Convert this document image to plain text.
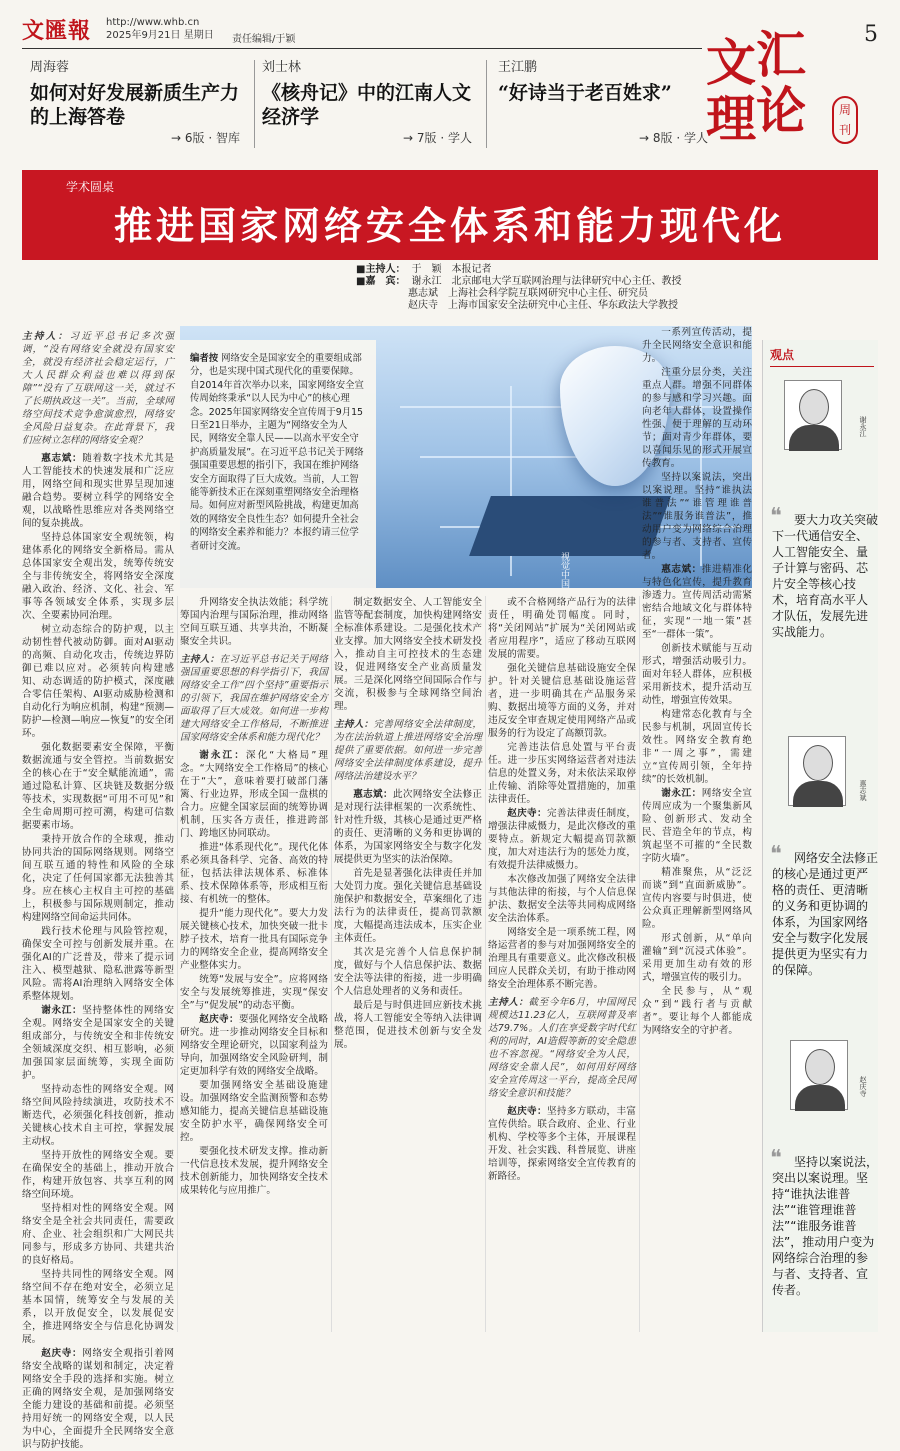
文匯報 http://www.whb.cn
2025年9月21日 星期日 责任编辑/于颖	文 汇
理 论	周刊
5
周海蓉
如何对好发展新质生产力的上海答卷
→ 6版 · 智库
刘士林
《核舟记》中的江南人文经济学
→ 7版 · 学人
王江鹏
“好诗当于老百姓求”
→ 8版 · 学人
学术圆桌
推进国家网络安全体系和能力现代化
■主持人： 于　颖　本报记者
■嘉　宾： 谢永江　北京邮电大学互联网治理与法律研究中心主任、教授
惠志斌　上海社会科学院互联网研究中心主任、研究员
赵庆寺　上海市国家安全法研究中心主任、华东政法大学教授
视觉中国
编者按 网络安全是国家安全的重要组成部分，也是实现中国式现代化的重要保障。自2014年首次举办以来，国家网络安全宣传周始终秉承“以人民为中心”的核心理念。2025年国家网络安全宣传周于9月15日至21日举办，主题为“网络安全为人民，网络安全靠人民——以高水平安全守护高质量发展”。在习近平总书记关于网络强国重要思想的指引下，我国在维护网络安全方面取得了巨大成效。当前，人工智能等新技术正在深刻重塑网络安全治理格局。如何应对新型风险挑战，构建更加高效的网络安全良性生态？如何提升全社会的网络安全素养和能力？本报约请三位学者研讨交流。

主持人：习近平总书记多次强调，“没有网络安全就没有国家安全，就没有经济社会稳定运行，广大人民群众利益也难以得到保障”“没有了互联网这一关，就过不了长期执政这一关”。当前，全球网络空间技术竞争愈演愈烈，网络安全风险日益复杂。在此背景下，我们应树立怎样的网络安全观？

惠志斌：随着数字技术尤其是人工智能技术的快速发展和广泛应用，网络空间和现实世界呈现加速融合趋势。要树立科学的网络安全观，以战略性思维应对各类网络空间的复杂挑战。

坚持总体国家安全观统领，构建体系化的网络安全新格局。需从总体国家安全观出发，统筹传统安全与非传统安全，将网络安全深度融入政治、经济、文化、社会、军事等各领域安全体系，实现多层次、全要素协同治理。

树立动态综合的防护观，以主动韧性替代被动防御。面对AI驱动的高频、自动化攻击，传统边界防御已难以应对。必须转向构建感知、动态调适的防护模式，深度融合零信任架构、AI驱动威胁检测和自动化行为响应机制，构建“预测—防护—检测—响应—恢复”的安全闭环。

强化数据要素安全保障，平衡数据流通与安全管控。当前数据安全的核心在于“安全赋能流通”，需通过隐私计算、区块链及数据分级等技术，实现数据“可用不可见”和全生命周期可控可溯，构建可信数据要素市场。

秉持开放合作的全球观，推动协同共治的国际网络规则。网络空间互联互通的特性和风险的全球化，决定了任何国家都无法独善其身。应在核心主权自主可控的基础上，积极参与国际规则制定，推动构建网络空间命运共同体。

践行技术伦理与风险管控观，确保安全可控与创新发展并重。在强化AI的广泛普及，带来了提示词注入、模型越狱、隐私泄露等新型风险。需将AI治理纳入网络安全体系整体规划。

谢永江：坚持整体性的网络安全观。网络安全是国家安全的关键组成部分，与传统安全和非传统安全领域深度交织、相互影响，必须加强国家层面统筹，实现全面防护。

坚持动态性的网络安全观。网络空间风险持续演进，攻防技术不断迭代，必须强化科技创新，推动关键核心技术自主可控，掌握发展主动权。

坚持开放性的网络安全观。要在确保安全的基础上，推动开放合作，构建开放包容、共享互利的网络空间环境。

坚持相对性的网络安全观。网络安全是全社会共同责任，需要政府、企业、社会组织和广大网民共同参与，形成多方协同、共建共治的良好格局。

坚持共同性的网络安全观。网络空间不存在绝对安全，必须立足基本国情，统筹安全与发展的关系，以开放促安全，以发展促安全，推进网络安全与信息化协调发展。

赵庆寺：网络安全观指引着网络安全战略的谋划和制定，决定着网络安全手段的选择和实施。树立正确的网络安全观，是加强网络安全能力建设的基础和前提。必须坚持用好统一的网络安全观，以人民为中心，全面提升全民网络安全意识与防护技能。

升网络安全执法效能；科学统筹国内治理与国际治理，推动网络空间互联互通、共享共治，不断凝聚安全共识。

主持人：在习近平总书记关于网络强国重要思想的科学指引下，我国网络安全工作“四个坚持”重要指示的引领下，我国在维护网络安全方面取得了巨大成效。如何进一步构建大网络安全工作格局，不断推进国家网络安全体系和能力现代化？

谢永江：深化“大格局”理念。“大网络安全工作格局”的核心在于“大”，意味着要打破部门藩篱、行业边界，形成全国一盘棋的合力。应健全国家层面的统筹协调机制，压实各方责任，推进跨部门、跨地区协同联动。

推进“体系现代化”。现代化体系必须具备科学、完备、高效的特征，包括法律法规体系、标准体系、技术保障体系等，形成相互衔接、有机统一的整体。

提升“能力现代化”。要大力发展关键核心技术，加快突破一批卡脖子技术，培育一批具有国际竞争力的网络安全企业，提高网络安全产业整体实力。

统筹“发展与安全”。应将网络安全与发展统筹推进，实现“保安全”与“促发展”的动态平衡。

赵庆寺：要强化网络安全战略研究。进一步推动网络安全目标和网络安全理论研究，以国家利益为导向，加强网络安全风险研判，制定更加科学有效的网络安全战略。

要加强网络安全基础设施建设。加强网络安全监测预警和态势感知能力，提高关键信息基础设施安全防护水平，确保网络安全可控。

要强化技术研发支撑。推动新一代信息技术发展，提升网络安全技术创新能力，加快网络安全技术成果转化与应用推广。

制定数据安全、人工智能安全监管等配套制度，加快构建网络安全标准体系建设。二是强化技术产业支撑。加大网络安全技术研发投入，推动自主可控技术的生态建设，促进网络安全产业高质量发展。三是深化网络空间国际合作与交流，积极参与全球网络空间治理。

主持人：完善网络安全法律制度，为在法治轨道上推进网络安全治理提供了重要依据。如何进一步完善网络安全法律制度体系建设，提升网络法治建设水平？

惠志斌：此次网络安全法修正是对现行法律框架的一次系统性、针对性升级，其核心是通过更严格的责任、更清晰的义务和更协调的体系，为国家网络安全与数字化发展提供更为坚实的法治保障。

首先是显著强化法律责任并加大处罚力度。强化关键信息基础设施保护和数据安全，草案细化了违法行为的法律责任，提高罚款额度，大幅提高违法成本，压实企业主体责任。

其次是完善个人信息保护制度，做好与个人信息保护法、数据安全法等法律的衔接，进一步明确个人信息处理者的义务和责任。

最后是与时俱进回应新技术挑战，将人工智能安全等纳入法律调整范围，促进技术创新与安全发展。

或不合格网络产品行为的法律责任，明确处罚幅度。同时，将“关闭网站”扩展为“关闭网站或者应用程序”，适应了移动互联网发展的需要。

强化关键信息基础设施安全保护。针对关键信息基础设施运营者，进一步明确其在产品服务采购、数据出境等方面的义务，并对违反安全审查规定使用网络产品或服务的行为设定了高额罚款。

完善违法信息处置与平台责任。进一步压实网络运营者对违法信息的处置义务，对未依法采取停止传输、消除等处置措施的，加重法律责任。

赵庆寺：完善法律责任制度，增强法律威慑力，是此次修改的重要特点。新规定大幅提高罚款额度，加大对违法行为的惩处力度，有效提升法律威慑力。

本次修改加强了网络安全法律与其他法律的衔接，与个人信息保护法、数据安全法等共同构成网络安全法治体系。

网络安全是一项系统工程，网络运营者的参与对加强网络安全的治理具有重要意义。此次修改积极回应人民群众关切，有助于推动网络安全治理体系不断完善。

主持人：截至今年6月，中国网民规模达11.23亿人，互联网普及率达79.7%。人们在享受数字时代红利的同时，AI造假等新的安全隐患也不容忽视。“网络安全为人民，网络安全靠人民”，如何用好网络安全宣传周这一平台，提高全民网络安全意识和技能？

赵庆寺：坚持多方联动，丰富宣传供给。联合政府、企业、行业机构、学校等多个主体，开展课程开发、社会实践、科普展览、讲座培训等，探索网络安全宣传教育的新路径。

一系列宣传活动，提升全民网络安全意识和能力。

注重分层分类，关注重点人群。增强不同群体的参与感和学习兴趣。面向老年人群体，设置操作性强、便于理解的互动环节；面对青少年群体，要以喜闻乐见的形式开展宣传教育。

坚持以案说法，突出以案说理。坚持“谁执法谁普法”“谁管理谁普法”“谁服务谁普法”，推动用户变为网络综合治理的参与者、支持者、宣传者。

惠志斌：推进精准化与特色化宣传，提升教育渗透力。宣传周活动需紧密结合地域文化与群体特征，实现“一地一策”甚至“一群体一策”。

创新技术赋能与互动形式，增强活动吸引力。面对年轻人群体，应积极采用新技术，提升活动互动性，增强宣传效果。

构建常态化教育与全民参与机制，巩固宣传长效性。网络安全教育绝非“一周之事”，需建立“宣传周引领，全年持续”的长效机制。

谢永江：网络安全宣传周应成为一个聚集新风险、创新形式、发动全民、营造全年的节点，构筑起坚不可摧的“全民数字防火墙”。

精准聚焦，从“泛泛而谈”到“直面新威胁”。宣传内容要与时俱进，使公众真正理解新型网络风险。

形式创新，从“单向灌输”到“沉浸式体验”。采用更加生动有效的形式，增强宣传的吸引力。

全民参与，从“观众”到“践行者与贡献者”。要让每个人都能成为网络安全的守护者。

观点
谢永江
❝	要大力攻关突破下一代通信安全、人工智能安全、量子计算与密码、芯片安全等核心技术，培育高水平人才队伍，发展先进实战能力。
惠志斌
❝	网络安全法修正的核心是通过更严格的责任、更清晰的义务和更协调的体系，为国家网络安全与数字化发展提供更为坚实有力的保障。
赵庆寺
❝	坚持以案说法，突出以案说理。坚持“谁执法谁普法”“谁管理谁普法”“谁服务谁普法”，推动用户变为网络综合治理的参与者、支持者、宣传者。
